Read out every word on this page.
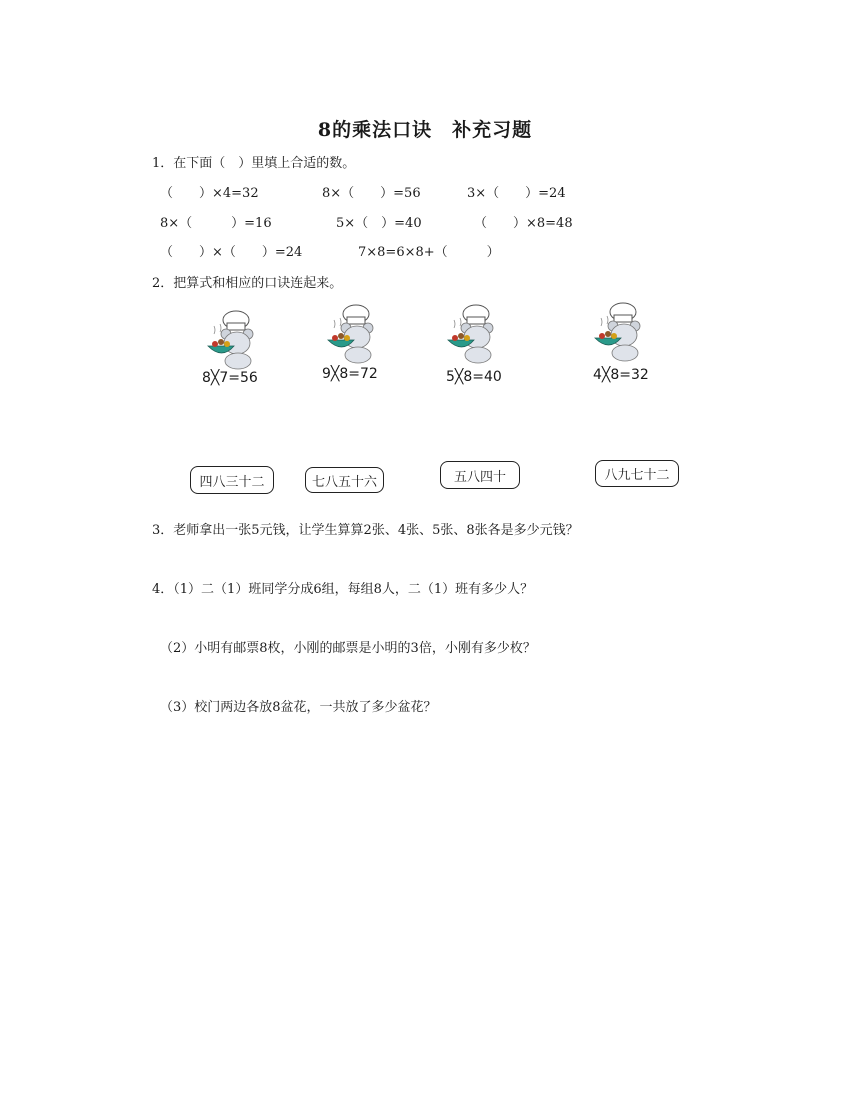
8的乘法口诀　补充习题
1．在下面（　）里填上合适的数。
（　　）×4=32	8×（　　）=56	3×（　　）=24
8×（　　　）=16	5×（　）=40	（　　）×8=48
（　　）×（　　）=24	7×8=6×8+（　　　）
2．把算式和相应的口诀连起来。
8╳7=56	9╳8=72	5╳8=40	4╳8=32
四八三十二	七八五十六	五八四十	八九七十二
3．老师拿出一张5元钱，让学生算算2张、4张、5张、8张各是多少元钱？
4．（1）二（1）班同学分成6组，每组8人，二（1）班有多少人？
（2）小明有邮票8枚，小刚的邮票是小明的3倍，小刚有多少枚？
（3）校门两边各放8盆花，一共放了多少盆花？
